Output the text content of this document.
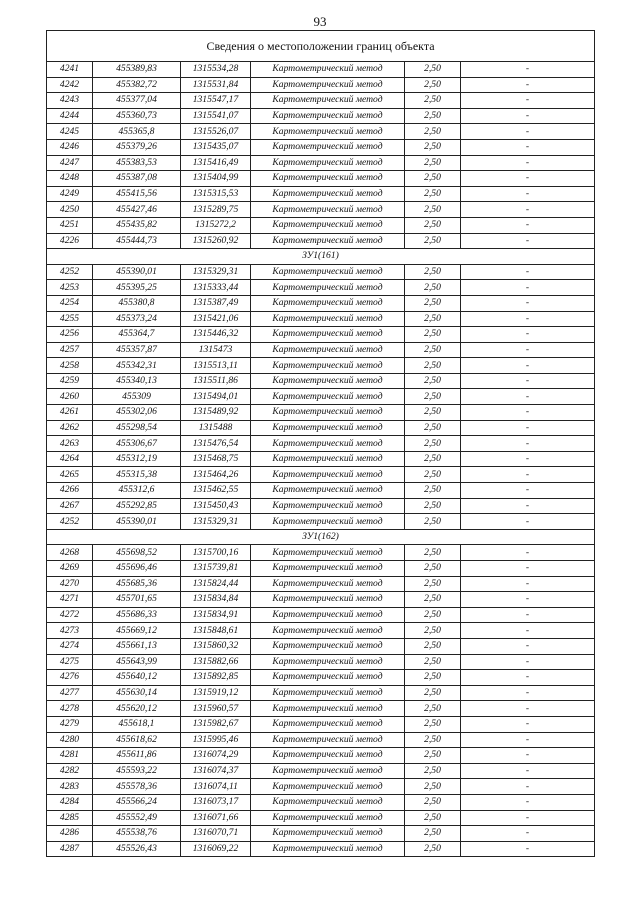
93
Сведения о местоположении границ объекта					
4241	455389,83	1315534,28	Картометрический метод	2,50	-
4242	455382,72	1315531,84	Картометрический метод	2,50	-
4243	455377,04	1315547,17	Картометрический метод	2,50	-
4244	455360,73	1315541,07	Картометрический метод	2,50	-
4245	455365,8	1315526,07	Картометрический метод	2,50	-
4246	455379,26	1315435,07	Картометрический метод	2,50	-
4247	455383,53	1315416,49	Картометрический метод	2,50	-
4248	455387,08	1315404,99	Картометрический метод	2,50	-
4249	455415,56	1315315,53	Картометрический метод	2,50	-
4250	455427,46	1315289,75	Картометрический метод	2,50	-
4251	455435,82	1315272,2	Картометрический метод	2,50	-
4226	455444,73	1315260,92	Картометрический метод	2,50	-
ЗУ1(161)					
4252	455390,01	1315329,31	Картометрический метод	2,50	-
4253	455395,25	1315333,44	Картометрический метод	2,50	-
4254	455380,8	1315387,49	Картометрический метод	2,50	-
4255	455373,24	1315421,06	Картометрический метод	2,50	-
4256	455364,7	1315446,32	Картометрический метод	2,50	-
4257	455357,87	1315473	Картометрический метод	2,50	-
4258	455342,31	1315513,11	Картометрический метод	2,50	-
4259	455340,13	1315511,86	Картометрический метод	2,50	-
4260	455309	1315494,01	Картометрический метод	2,50	-
4261	455302,06	1315489,92	Картометрический метод	2,50	-
4262	455298,54	1315488	Картометрический метод	2,50	-
4263	455306,67	1315476,54	Картометрический метод	2,50	-
4264	455312,19	1315468,75	Картометрический метод	2,50	-
4265	455315,38	1315464,26	Картометрический метод	2,50	-
4266	455312,6	1315462,55	Картометрический метод	2,50	-
4267	455292,85	1315450,43	Картометрический метод	2,50	-
4252	455390,01	1315329,31	Картометрический метод	2,50	-
ЗУ1(162)					
4268	455698,52	1315700,16	Картометрический метод	2,50	-
4269	455696,46	1315739,81	Картометрический метод	2,50	-
4270	455685,36	1315824,44	Картометрический метод	2,50	-
4271	455701,65	1315834,84	Картометрический метод	2,50	-
4272	455686,33	1315834,91	Картометрический метод	2,50	-
4273	455669,12	1315848,61	Картометрический метод	2,50	-
4274	455661,13	1315860,32	Картометрический метод	2,50	-
4275	455643,99	1315882,66	Картометрический метод	2,50	-
4276	455640,12	1315892,85	Картометрический метод	2,50	-
4277	455630,14	1315919,12	Картометрический метод	2,50	-
4278	455620,12	1315960,57	Картометрический метод	2,50	-
4279	455618,1	1315982,67	Картометрический метод	2,50	-
4280	455618,62	1315995,46	Картометрический метод	2,50	-
4281	455611,86	1316074,29	Картометрический метод	2,50	-
4282	455593,22	1316074,37	Картометрический метод	2,50	-
4283	455578,36	1316074,11	Картометрический метод	2,50	-
4284	455566,24	1316073,17	Картометрический метод	2,50	-
4285	455552,49	1316071,66	Картометрический метод	2,50	-
4286	455538,76	1316070,71	Картометрический метод	2,50	-
4287	455526,43	1316069,22	Картометрический метод	2,50	-
